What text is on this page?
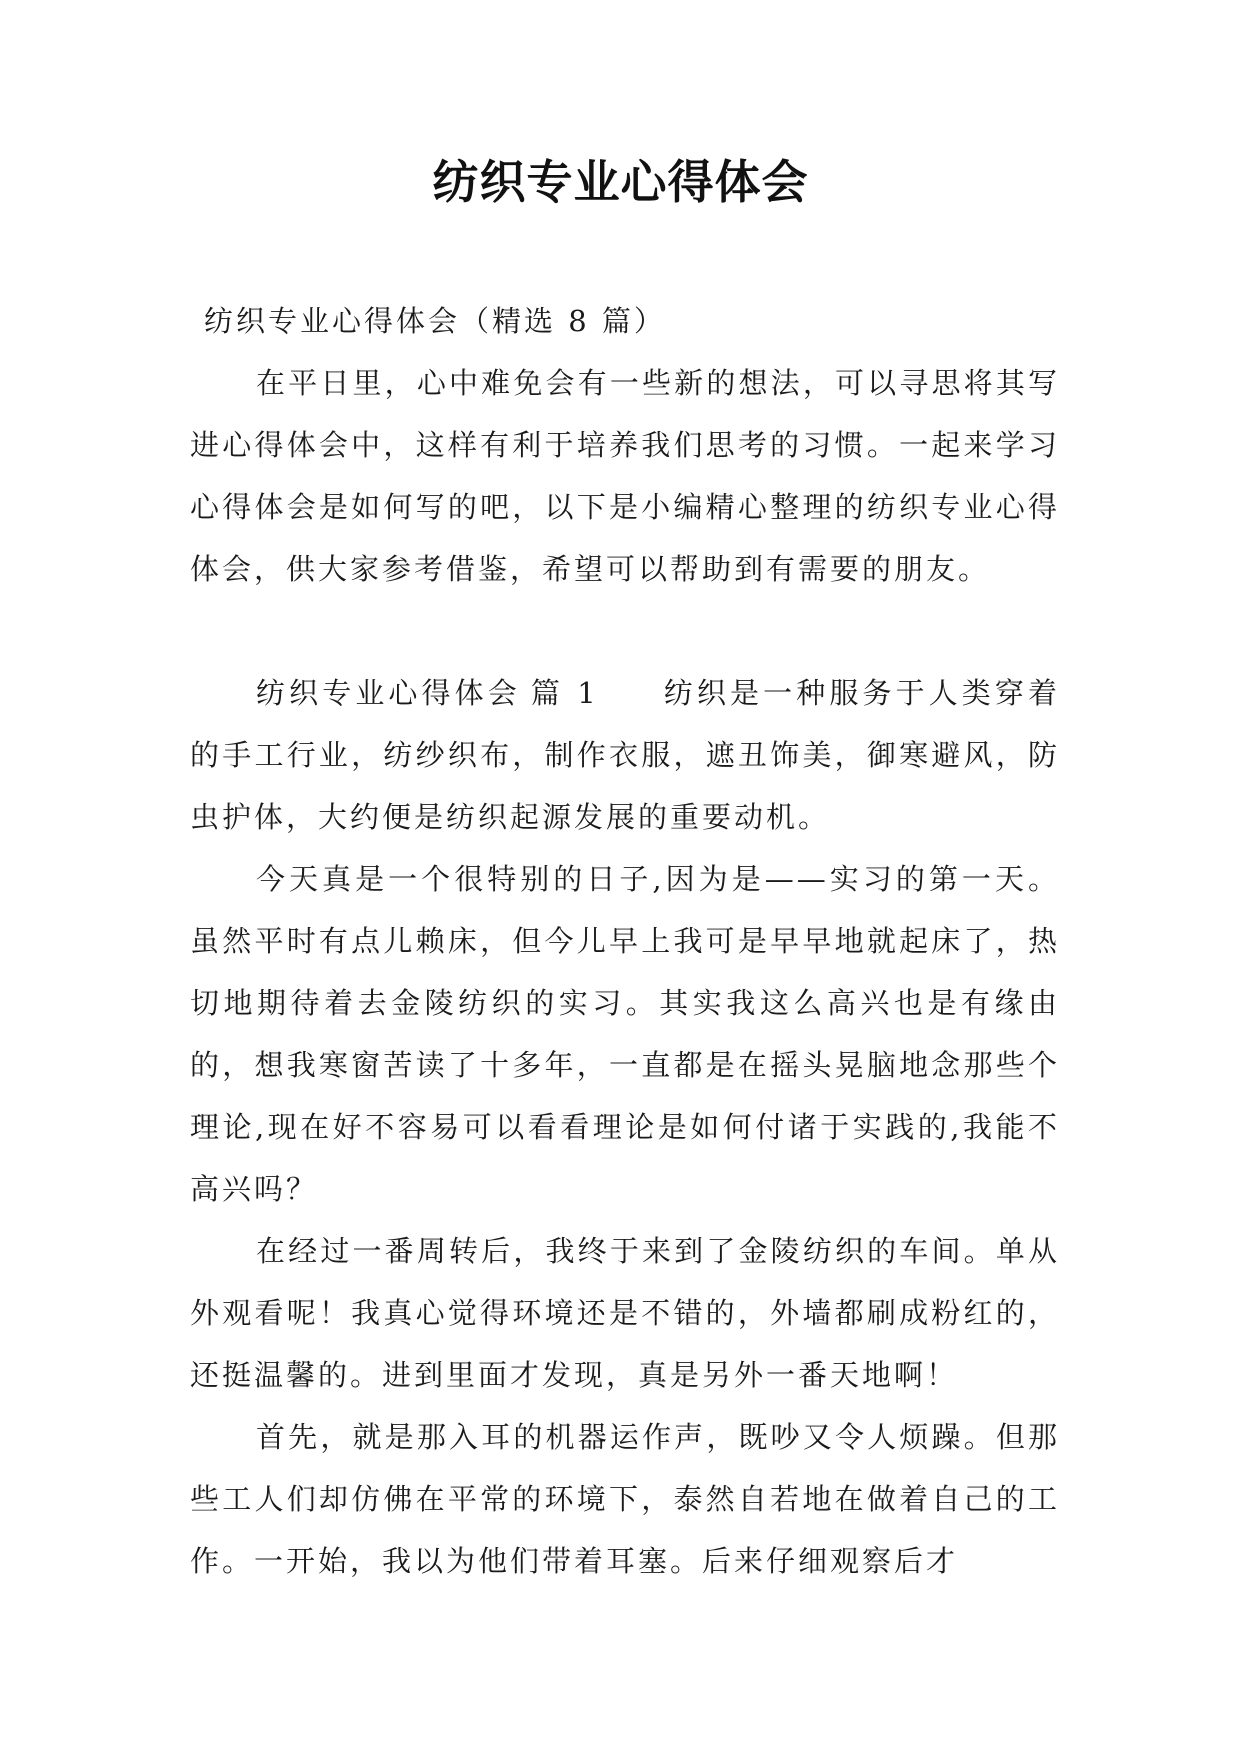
纺织专业心得体会

纺织专业心得体会（精选 8 篇）

在平日里，心中难免会有一些新的想法，可以寻思将其写进心得体会中，这样有利于培养我们思考的习惯。一起来学习心得体会是如何写的吧，以下是小编精心整理的纺织专业心得体会，供大家参考借鉴，希望可以帮助到有需要的朋友。

纺织专业心得体会 篇 1 纺织是一种服务于人类穿着的手工行业，纺纱织布，制作衣服，遮丑饰美，御寒避风，防虫护体，大约便是纺织起源发展的重要动机。

今天真是一个很特别的日子,因为是——实习的第一天。虽然平时有点儿赖床，但今儿早上我可是早早地就起床了，热切地期待着去金陵纺织的实习。其实我这么高兴也是有缘由的，想我寒窗苦读了十多年，一直都是在摇头晃脑地念那些个理论,现在好不容易可以看看理论是如何付诸于实践的,我能不高兴吗？

在经过一番周转后，我终于来到了金陵纺织的车间。单从外观看呢！我真心觉得环境还是不错的，外墙都刷成粉红的，还挺温馨的。进到里面才发现，真是另外一番天地啊！

首先，就是那入耳的机器运作声，既吵又令人烦躁。但那些工人们却仿佛在平常的环境下，泰然自若地在做着自己的工作。一开始，我以为他们带着耳塞。后来仔细观察后才
